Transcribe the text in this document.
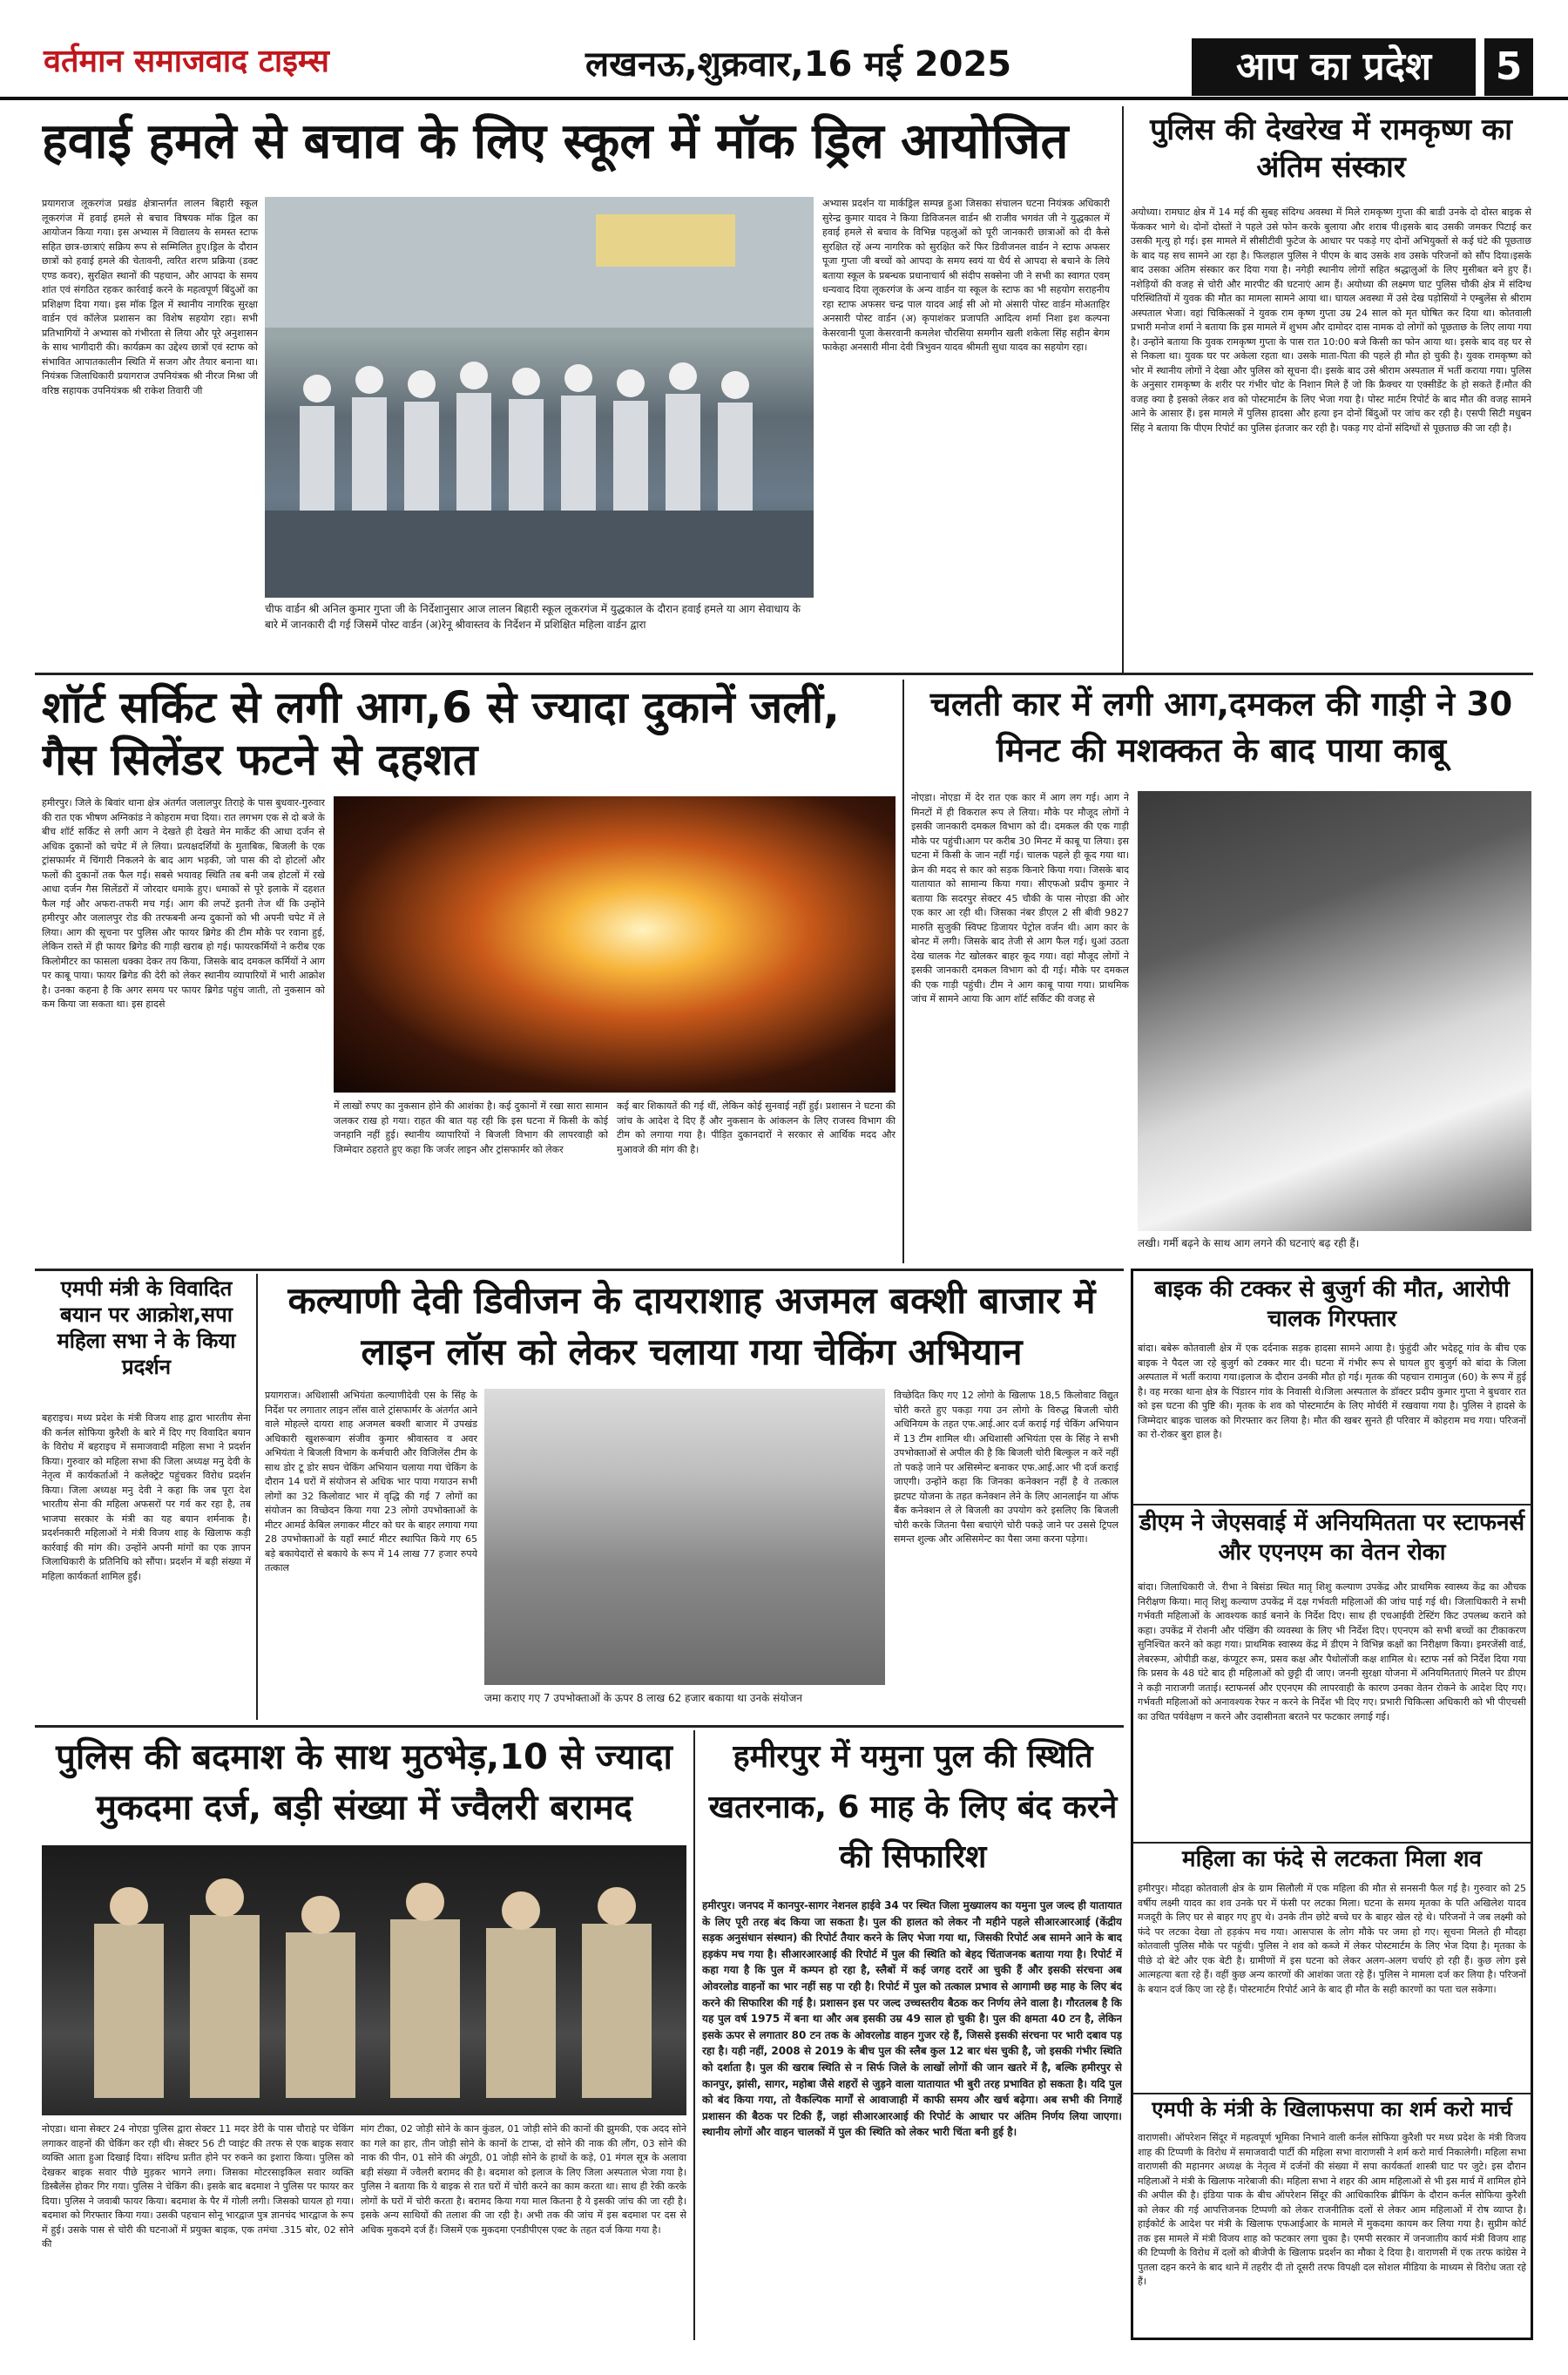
वर्तमान समाजवाद टाइम्स	लखनऊ,शुक्रवार,16 मई 2025	आप का प्रदेश	5
हवाई हमले से बचाव के लिए स्कूल में मॉक ड्रिल आयोजित
प्रयागराज लूकरगंज प्रखंड क्षेत्रान्तर्गत लालन बिहारी स्कूल लूकरगंज में हवाई हमले से बचाव विषयक मॉक ड्रिल का आयोजन किया गया। इस अभ्यास में विद्यालय के समस्त स्टाफ सहित छात्र-छात्राएं सक्रिय रूप से सम्मिलित हुए।ड्रिल के दौरान छात्रों को हवाई हमले की चेतावनी, त्वरित शरण प्रक्रिया (डक्ट एण्ड कवर), सुरक्षित स्थानों की पहचान, और आपदा के समय शांत एवं संगठित रहकर कार्रवाई करने के महत्वपूर्ण बिंदुओं का प्रशिक्षण दिया गया। इस मॉक ड्रिल में स्थानीय नागरिक सुरक्षा वार्डन एवं कॉलेज प्रशासन का विशेष सहयोग रहा। सभी प्रतिभागियों ने अभ्यास को गंभीरता से लिया और पूरे अनुशासन के साथ भागीदारी की। कार्यक्रम का उद्देश्य छात्रों एवं स्टाफ को संभावित आपातकालीन स्थिति में सजग और तैयार बनाना था। नियंत्रक जिलाधिकारी प्रयागराज उपनियंत्रक श्री नीरज मिश्रा जी वरिष्ठ सहायक उपनियंत्रक श्री राकेश तिवारी जी
चीफ वार्डन श्री अनिल कुमार गुप्ता जी के निर्देशानुसार आज लालन बिहारी स्कूल लूकरगंज में युद्धकाल के दौरान हवाई हमले या आग सेवाधाय के बारे में जानकारी दी गई जिसमें पोस्ट वार्डन (अ)रेनू श्रीवास्तव के निर्देशन में प्रशिक्षित महिला वार्डन द्वारा
अभ्यास प्रदर्शन या मार्कड्रिल सम्पन्न हुआ जिसका संचालन घटना नियंत्रक अधिकारी सुरेन्द्र कुमार यादव ने किया डिविजनल वार्डन श्री राजीव भगवंत जी ने युद्धकाल में हवाई हमले से बचाव के विभिन्न पहलुओं को पूरी जानकारी छात्राओं को दी कैसे सुरक्षित रहें अन्य नागरिक को सुरक्षित करें फिर डिवीजनल वार्डन ने स्टाफ अफसर पूजा गुप्ता जी बच्चों को आपदा के समय स्वयं या धैर्य से आपदा से बचाने के लिये बताया स्कूल के प्रबन्धक प्रधानाचार्य श्री संदीप सक्सेना जी ने सभी का स्वागत एवम् धन्यवाद दिया लूकरगंज के अन्य वार्डन या स्कूल के स्टाफ का भी सहयोग सराहनीय रहा स्टाफ अफसर चन्द्र पाल यादव आई सी ओ मो अंसारी पोस्ट वार्डन मोअताहिर अनसारी पोस्ट वार्डन (अ) कृपाशंकर प्रजापति आदित्य शर्मा निशा इश कल्पना केसरवानी पूजा केसरवानी कमलेश चौरसिया समगीन खली शकेला सिंह सहीन बेगम फाकेहा अनसारी मीना देवी त्रिभुवन यादव श्रीमती सुधा यादव का सहयोग रहा।
पुलिस की देखरेख में रामकृष्ण का अंतिम संस्कार
अयोध्या। रामघाट क्षेत्र में 14 मई की सुबह संदिग्ध अवस्था में मिले रामकृष्ण गुप्ता की बाडी उनके दो दोस्त बाइक से फेंककर भागे थे। दोनों दोस्तों ने पहले उसे फोन करके बुलाया और शराब पी।इसके बाद उसकी जमकर पिटाई कर उसकी मृत्यु हो गई। इस मामले में सीसीटीवी फुटेज के आधार पर पकड़े गए दोनों अभियुक्तों से कई घंटे की पूछताछ के बाद यह सच सामने आ रहा है। फिलहाल पुलिस ने पीएम के बाद उसके शव उसके परिजनों को सौंप दिया।इसके बाद उसका अंतिम संस्कार कर दिया गया है। नगेड़ी स्थानीय लोगों सहित श्रद्धालुओं के लिए मुसीबत बने हुए हैं।नशेड़ियों की वजह से चोरी और मारपीट की घटनाएं आम हैं। अयोध्या की लक्ष्मण घाट पुलिस चौकी क्षेत्र में संदिग्ध परिस्थितियों में युवक की मौत का मामला सामने आया था। घायल अवस्था में उसे देख पड़ोसियों ने एम्बुलेंस से श्रीराम अस्पताल भेजा। वहां चिकित्सकों ने युवक राम कृष्ण गुप्ता उम्र 24 साल को मृत घोषित कर दिया था। कोतवाली प्रभारी मनोज शर्मा ने बताया कि इस मामले में शुभम और दामोदर दास नामक दो लोगों को पूछताछ के लिए लाया गया है। उन्होंने बताया कि युवक रामकृष्ण गुप्ता के पास रात 10:00 बजे किसी का फोन आया था। इसके बाद वह घर से से निकला था। युवक घर पर अकेला रहता था। उसके माता-पिता की पहले ही मौत हो चुकी है। युवक रामकृष्ण को भोर में स्थानीय लोगों ने देखा और पुलिस को सूचना दी। इसके बाद उसे श्रीराम अस्पताल में भर्ती कराया गया। पुलिस के अनुसार रामकृष्ण के शरीर पर गंभीर चोट के निशान मिले हैं जो कि फ्रैक्चर या एक्सीडेंट के हो सकते हैं।मौत की वजह क्या है इसको लेकर शव को पोस्टमार्टम के लिए भेजा गया है। पोस्ट मार्टम रिपोर्ट के बाद मौत की वजह सामने आने के आसार हैं। इस मामले में पुलिस हादसा और हत्या इन दोनों बिंदुओं पर जांच कर रही है। एसपी सिटी मधुबन सिंह ने बताया कि पीएम रिपोर्ट का पुलिस इंतजार कर रही है। पकड़ गए दोनों संदिग्धों से पूछताछ की जा रही है।
शॉर्ट सर्किट से लगी आग,6 से ज्यादा दुकानें जलीं, गैस सिलेंडर फटने से दहशत
हमीरपुर। जिले के बिवांर थाना क्षेत्र अंतर्गत जलालपुर तिराहे के पास बुधवार-गुरुवार की रात एक भीषण अग्निकांड ने कोहराम मचा दिया। रात लगभग एक से दो बजे के बीच शॉर्ट सर्किट से लगी आग ने देखते ही देखते मेन मार्केट की आधा दर्जन से अधिक दुकानों को चपेट में ले लिया। प्रत्यक्षदर्शियों के मुताबिक, बिजली के एक ट्रांसफार्मर में चिंगारी निकलने के बाद आग भड़की, जो पास की दो होटलों और फलों की दुकानों तक फैल गई। सबसे भयावह स्थिति तब बनी जब होटलों में रखे आधा दर्जन गैस सिलेंडरों में जोरदार धमाके हुए। धमाकों से पूरे इलाके में दहशत फैल गई और अफरा-तफरी मच गई। आग की लपटें इतनी तेज थीं कि उन्होंने हमीरपुर और जलालपुर रोड की तरफबनी अन्य दुकानों को भी अपनी चपेट में ले लिया। आग की सूचना पर पुलिस और फायर ब्रिगेड की टीम मौके पर रवाना हुई, लेकिन रास्ते में ही फायर ब्रिगेड की गाड़ी खराब हो गई। फायरकर्मियों ने करीब एक किलोमीटर का फासला धक्का देकर तय किया, जिसके बाद दमकल कर्मियों ने आग पर काबू पाया। फायर ब्रिगेड की देरी को लेकर स्थानीय व्यापारियों में भारी आक्रोश है। उनका कहना है कि अगर समय पर फायर ब्रिगेड पहुंच जाती, तो नुकसान को कम किया जा सकता था। इस हादसे
में लाखों रुपए का नुकसान होने की आशंका है। कई दुकानों में रखा सारा सामान जलकर राख हो गया। राहत की बात यह रही कि इस घटना में किसी के कोई जनहानि नहीं हुई। स्थानीय व्यापारियों ने बिजली विभाग की लापरवाही को जिम्मेदार ठहराते हुए कहा कि जर्जर लाइन और ट्रांसफार्मर को लेकर
कई बार शिकायतें की गई थीं, लेकिन कोई सुनवाई नहीं हुई। प्रशासन ने घटना की जांच के आदेश दे दिए हैं और नुकसान के आंकलन के लिए राजस्व विभाग की टीम को लगाया गया है। पीड़ित दुकानदारों ने सरकार से आर्थिक मदद और मुआवजे की मांग की है।
चलती कार में लगी आग,दमकल की गाड़ी ने 30 मिनट की मशक्कत के बाद पाया काबू
नोएडा। नोएडा में देर रात एक कार में आग लग गई। आग ने मिनटों में ही विकराल रूप ले लिया। मौके पर मौजूद लोगों ने इसकी जानकारी दमकल विभाग को दी। दमकल की एक गाड़ी मौके पर पहुंची।आग पर करीब 30 मिनट में काबू पा लिया। इस घटना में किसी के जान नहीं गई। चालक पहले ही कूद गया था। क्रेन की मदद से कार को सड़क किनारे किया गया। जिसके बाद यातायात को सामान्य किया गया। सीएफओ प्रदीप कुमार ने बताया कि सदरपुर सेक्टर 45 चौकी के पास नोएडा की ओर एक कार आ रही थी। जिसका नंबर डीएल 2 सी बीवी 9827 मारुति सुजुकी स्विफ्ट डिजायर पेट्रोल वर्जन थी। आग कार के बोनट में लगी। जिसके बाद तेजी से आग फैल गई। धुआं उठता देख चालक गेट खोलकर बाहर कूद गया। वहां मौजूद लोगों ने इसकी जानकारी दमकल विभाग को दी गई। मौके पर दमकल की एक गाड़ी पहुंची। टीम ने आग काबू पाया गया। प्राथमिक जांच में सामने आया कि आग शॉर्ट सर्किट की वजह से
लखी। गर्मी बढ़ने के साथ आग लगने की घटनाएं बढ़ रही हैं।
एमपी मंत्री के विवादित बयान पर आक्रोश,सपा महिला सभा ने के किया प्रदर्शन
बहराइच। मध्य प्रदेश के मंत्री विजय शाह द्वारा भारतीय सेना की कर्नल सोफिया कुरैशी के बारे में दिए गए विवादित बयान के विरोध में बहराइच में समाजवादी महिला सभा ने प्रदर्शन किया। गुरुवार को महिला सभा की जिला अध्यक्ष मनु देवी के नेतृत्व में कार्यकर्ताओं ने कलेक्ट्रेट पहुंचकर विरोध प्रदर्शन किया। जिला अध्यक्ष मनु देवी ने कहा कि जब पूरा देश भारतीय सेना की महिला अफसरों पर गर्व कर रहा है, तब भाजपा सरकार के मंत्री का यह बयान शर्मनाक है। प्रदर्शनकारी महिलाओं ने मंत्री विजय शाह के खिलाफ कड़ी कार्रवाई की मांग की। उन्होंने अपनी मांगों का एक ज्ञापन जिलाधिकारी के प्रतिनिधि को सौंपा। प्रदर्शन में बड़ी संख्या में महिला कार्यकर्ता शामिल हुईं।
कल्याणी देवी डिवीजन के दायराशाह अजमल बक्शी बाजार में लाइन लॉस को लेकर चलाया गया चेकिंग अभियान
प्रयागराज। अधिशासी अभियंता कल्याणीदेवी एस के सिंह के निर्देश पर लगातार लाइन लॉस वाले ट्रांसफार्मर के अंतर्गत आने वाले मोहल्ले दायरा शाह अजमल बक्शी बाजार में उपखंड अधिकारी खुशरूबाग संजीव कुमार श्रीवास्तव व अवर अभियंता ने बिजली विभाग के कर्मचारी और विजिलेंस टीम के साथ डोर टू डोर सघन चेकिंग अभियान चलाया गया चेकिंग के दौरान 14 घरों में संयोजन से अधिक भार पाया गयाउन सभी लोगों का 32 किलोवाट भार में वृद्धि की गई 7 लोगों का संयोजन का विच्छेदन किया गया 23 लोगो उपभोक्ताओं के मीटर आमर्ड केबिल लगाकर मीटर को घर के बाहर लगाया गया 28 उपभोक्ताओं के यहाँ स्मार्ट मीटर स्थापित किये गए 65 बड़े बकायेदारों से बकाये के रूप में 14 लाख 77 हजार रुपये तत्काल
जमा कराए गए 7 उपभोक्ताओं के ऊपर 8 लाख 62 हजार बकाया था उनके संयोजन
विच्छेदित किए गए 12 लोगो के खिलाफ 18,5 किलोवाट विद्युत चोरी करते हुए पकड़ा गया उन लोगो के विरुद्ध बिजली चोरी अधिनियम के तहत एफ.आई.आर दर्ज कराई गई चेकिंग अभियान में 13 टीम शामिल थी। अधिशासी अभियंता एस के सिंह ने सभी उपभोक्ताओं से अपील की है कि बिजली चोरी बिल्कुल न करें नहीं तो पकड़े जाने पर असिस्मेन्ट बनाकर एफ.आई.आर भी दर्ज कराई जाएगी। उन्होंने कहा कि जिनका कनेक्शन नहीं है वे तत्काल झटपट योजना के तहत कनेक्शन लेने के लिए आनलाईन या ऑफ बैंक कनेक्शन ले ले बिजली का उपयोग करे इसलिए कि बिजली चोरी करके जितना पैसा बचाएंगे चोरी पकड़े जाने पर उससे ट्रिपल समन्त शुल्क और असिसमेन्ट का पैसा जमा करना पड़ेगा।
बाइक की टक्कर से बुजुर्ग की मौत, आरोपी चालक गिरफ्तार
बांदा। बबेरू कोतवाली क्षेत्र में एक दर्दनाक सड़क हादसा सामने आया है। फुंहुंदी और भदेहटू गांव के बीच एक बाइक ने पैदल जा रहे बुजुर्ग को टक्कर मार दी। घटना में गंभीर रूप से घायल हुए बुजुर्ग को बांदा के जिला अस्पताल में भर्ती कराया गया।इलाज के दौरान उनकी मौत हो गई। मृतक की पहचान रामानुज (60) के रूप में हुई है। वह मरका थाना क्षेत्र के पिंडारन गांव के निवासी थे।जिला अस्पताल के डॉक्टर प्रदीप कुमार गुप्ता ने बुधवार रात को इस घटना की पुष्टि की। मृतक के शव को पोस्टमार्टम के लिए मोर्चरी में रखवाया गया है। पुलिस ने हादसे के जिम्मेदार बाइक चालक को गिरफ्तार कर लिया है। मौत की खबर सुनते ही परिवार में कोहराम मच गया। परिजनों का रो-रोकर बुरा हाल है।
डीएम ने जेएसवाई में अनियमितता पर स्टाफनर्स और एएनएम का वेतन रोका
बांदा। जिलाधिकारी जे. रीभा ने बिसंडा स्थित मातृ शिशु कल्याण उपकेंद्र और प्राथमिक स्वास्थ्य केंद्र का औचक निरीक्षण किया। मातृ शिशु कल्याण उपकेंद्र में दक्ष गर्भवती महिलाओं की जांच पाई गई थी। जिलाधिकारी ने सभी गर्भवती महिलाओं के आवश्यक कार्ड बनाने के निर्देश दिए। साथ ही एचआईवी टेस्टिंग किट उपलब्ध कराने को कहा। उपकेंद्र में रोशनी और पंखिंग की व्यवस्था के लिए भी निर्देश दिए। एएनएम को सभी बच्चों का टीकाकरण सुनिश्चित करने को कहा गया। प्राथमिक स्वास्थ्य केंद्र में डीएम ने विभिन्न कक्षों का निरीक्षण किया। इमरजेंसी वार्ड, लेबररूम, ओपीडी कक्ष, कंप्यूटर रूम, प्रसव कक्ष और पैथोलॉजी कक्ष शामिल थे। स्टाफ नर्स को निर्देश दिया गया कि प्रसव के 48 घंटे बाद ही महिलाओं को छुट्टी दी जाए। जननी सुरक्षा योजना में अनियमितताएं मिलने पर डीएम ने कड़ी नाराजगी जताई। स्टाफनर्स और एएनएम की लापरवाही के कारण उनका वेतन रोकने के आदेश दिए गए। गर्भवती महिलाओं को अनावश्यक रेफर न करने के निर्देश भी दिए गए। प्रभारी चिकित्सा अधिकारी को भी पीएचसी का उचित पर्यवेक्षण न करने और उदासीनता बरतने पर फटकार लगाई गई।
महिला का फंदे से लटकता मिला शव
हमीरपुर। मौदहा कोतवाली क्षेत्र के ग्राम सिलौली में एक महिला की मौत से सनसनी फैल गई है। गुरुवार को 25 वर्षीय लक्ष्मी यादव का शव उनके घर में फंसी पर लटका मिला। घटना के समय मृतका के पति अखिलेश यादव मजदूरी के लिए घर से बाहर गए हुए थे। उनके तीन छोटे बच्चे घर के बाहर खेल रहे थे। परिजनों ने जब लक्ष्मी को फंदे पर लटका देखा तो हड़कंप मच गया। आसपास के लोग मौके पर जमा हो गए। सूचना मिलते ही मौदहा कोतवाली पुलिस मौके पर पहुंची। पुलिस ने शव को कब्जे में लेकर पोस्टमार्टम के लिए भेज दिया है। मृतका के पीछे दो बेटे और एक बेटी है। ग्रामीणों में इस घटना को लेकर अलग-अलग चर्चाएं हो रही हैं। कुछ लोग इसे आत्महत्या बता रहे हैं। वहीं कुछ अन्य कारणों की आशंका जता रहे हैं। पुलिस ने मामला दर्ज कर लिया है। परिजनों के बयान दर्ज किए जा रहे हैं। पोस्टमार्टम रिपोर्ट आने के बाद ही मौत के सही कारणों का पता चल सकेगा।
एमपी के मंत्री के खिलाफसपा का शर्म करो मार्च
वाराणसी। ऑपरेशन सिंदूर में महत्वपूर्ण भूमिका निभाने वाली कर्नल सोफिया कुरैशी पर मध्य प्रदेश के मंत्री विजय शाह की टिप्पणी के विरोध में समाजवादी पार्टी की महिला सभा वाराणसी ने शर्म करो मार्च निकालेगी। महिला सभा वाराणसी की महानगर अध्यक्ष के नेतृत्व में दर्जनों की संख्या में सपा कार्यकर्ता शास्त्री घाट पर जुटे। इस दौरान महिलाओं ने मंत्री के खिलाफ नारेबाजी की। महिला सभा ने शहर की आम महिलाओं से भी इस मार्च में शामिल होने की अपील की है। इंडिया पाक के बीच ऑपरेशन सिंदूर की आधिकारिक ब्रीफिंग के दौरान कर्नल सोफिया कुरैशी को लेकर की गई आपत्तिजनक टिप्पणी को लेकर राजनीतिक दलों से लेकर आम महिलाओं में रोष व्याप्त है। हाईकोर्ट के आदेश पर मंत्री के खिलाफ एफआईआर के मामले में मुकदमा कायम कर लिया गया है। सुप्रीम कोर्ट तक इस मामले में मंत्री विजय शाह को फटकार लगा चुका है। एमपी सरकार में जनजातीय कार्य मंत्री विजय शाह की टिप्पणी के विरोध में दलों को बीजेपी के खिलाफ प्रदर्शन का मौका दे दिया है। वाराणसी में एक तरफ कांग्रेस ने पुतला दहन करने के बाद थाने में तहरीर दी तो दूसरी तरफ विपक्षी दल सोशल मीडिया के माध्यम से विरोध जता रहे हैं।
पुलिस की बदमाश के साथ मुठभेड़,10 से ज्यादा मुकदमा दर्ज, बड़ी संख्या में ज्वैलरी बरामद
नोएडा। थाना सेक्टर 24 नोएडा पुलिस द्वारा सेक्टर 11 मदर डेरी के पास चौराहे पर चेकिंग लगाकर वाहनों की चेकिंग कर रही थी। सेक्टर 56 टी प्वाइंट की तरफ से एक बाइक सवार व्यक्ति आता हुआ दिखाई दिया। संदिग्ध प्रतीत होने पर रुकने का इशारा किया। पुलिस को देखकर बाइक सवार पीछे मुड़कर भागने लगा। जिसका मोटरसाइकिल सवार व्यक्ति डिस्बैलेंस होकर गिर गया। पुलिस ने चेकिंग की। इसके बाद बदमाश ने पुलिस पर फायर कर दिया। पुलिस ने जवाबी फायर किया। बदमाश के पैर में गोली लगी। जिसको घायल हो गया। बदमाश को गिरफ्तार किया गया। उसकी पहचान सोनू भारद्वाज पुत्र ज्ञानचंद भारद्वाज के रूप में हुई। उसके पास से चोरी की घटनाओं में प्रयुक्त बाइक, एक तमंचा .315 बोर, 02 सोने की
मांग टीका, 02 जोड़ी सोने के कान कुंडल, 01 जोड़ी सोने की कानों की झुमकी, एक अदद सोने का गले का हार, तीन जोड़ी सोने के कानों के टाप्स, दो सोने की नाक की लौंग, 03 सोने की नाक की पीन, 01 सोने की अंगूठी, 01 जोड़ी सोने के हाथों के कड़े, 01 मंगल सूत्र के अलावा बड़ी संख्या में ज्वैलरी बरामद की है। बदमाश को इलाज के लिए जिला अस्पताल भेजा गया है। पुलिस ने बताया कि ये बाइक से रात घरों में चोरी करने का काम करता था। साथ ही रेकी करके लोगों के घरों में चोरी करता है। बरामद किया गया माल कितना है ये इसकी जांच की जा रही है। इसके अन्य साथियों की तलाश की जा रही है। अभी तक की जांच में इस बदमाश पर दस से अधिक मुकदमे दर्ज हैं। जिसमें एक मुकदमा एनडीपीएस एक्ट के तहत दर्ज किया गया है।
हमीरपुर में यमुना पुल की स्थिति खतरनाक, 6 माह के लिए बंद करने की सिफारिश
हमीरपुर। जनपद में कानपुर-सागर नेशनल हाईवे 34 पर स्थित जिला मुख्यालय का यमुना पुल जल्द ही यातायात के लिए पूरी तरह बंद किया जा सकता है। पुल की हालत को लेकर नौ महीने पहले सीआरआरआई (केंद्रीय सड़क अनुसंधान संस्थान) की रिपोर्ट तैयार करने के लिए भेजा गया था, जिसकी रिपोर्ट अब सामने आने के बाद हड़कंप मच गया है। सीआरआरआई की रिपोर्ट में पुल की स्थिति को बेहद चिंताजनक बताया गया है। रिपोर्ट में कहा गया है कि पुल में कम्पन हो रहा है, स्लैबों में कई जगह दरारें आ चुकी हैं और इसकी संरचना अब ओवरलोड वाहनों का भार नहीं सह पा रही है। रिपोर्ट में पुल को तत्काल प्रभाव से आगामी छह माह के लिए बंद करने की सिफारिश की गई है। प्रशासन इस पर जल्द उच्चस्तरीय बैठक कर निर्णय लेने वाला है। गौरतलब है कि यह पुल वर्ष 1975 में बना था और अब इसकी उम्र 49 साल हो चुकी है। पुल की क्षमता 40 टन है, लेकिन इसके ऊपर से लगातार 80 टन तक के ओवरलोड वाहन गुजर रहे हैं, जिससे इसकी संरचना पर भारी दबाव पड़ रहा है। यही नहीं, 2008 से 2019 के बीच पुल की स्लैब कुल 12 बार धंस चुकी है, जो इसकी गंभीर स्थिति को दर्शाता है। पुल की खराब स्थिति से न सिर्फ जिले के लाखों लोगों की जान खतरे में है, बल्कि हमीरपुर से कानपुर, झांसी, सागर, महोबा जैसे शहरों से जुड़ने वाला यातायात भी बुरी तरह प्रभावित हो सकता है। यदि पुल को बंद किया गया, तो वैकल्पिक मार्गों से आवाजाही में काफी समय और खर्च बढ़ेगा। अब सभी की निगाहें प्रशासन की बैठक पर टिकी हैं, जहां सीआरआरआई की रिपोर्ट के आधार पर अंतिम निर्णय लिया जाएगा। स्थानीय लोगों और वाहन चालकों में पुल की स्थिति को लेकर भारी चिंता बनी हुई है।
